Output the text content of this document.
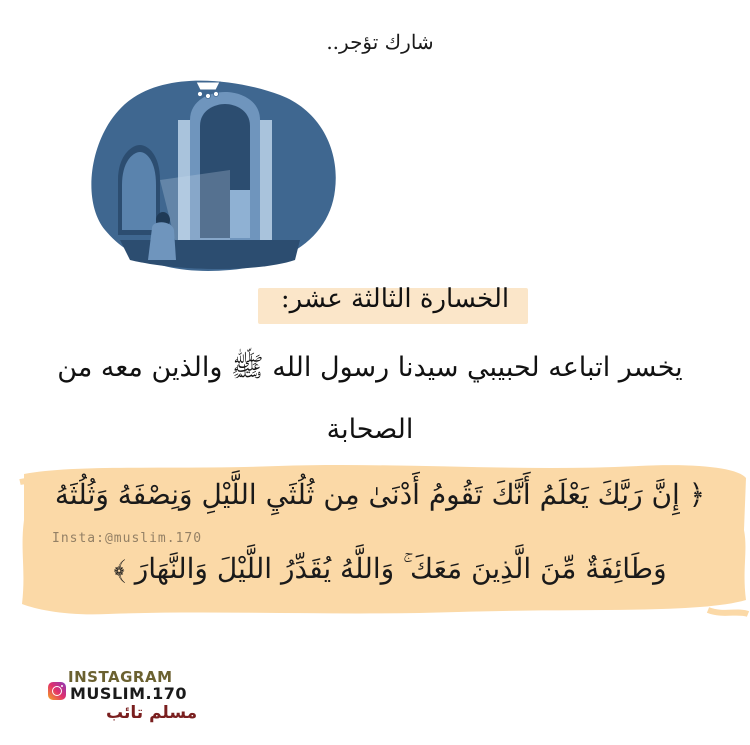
شارك تؤجر..
الخسارة الثالثة عشر:
يخسر اتباعه لحبيبي سيدنا رسول الله ﷺ والذين معه من
الصحابة
﴿ إِنَّ رَبَّكَ يَعْلَمُ أَنَّكَ تَقُومُ أَدْنَىٰ مِن ثُلُثَيِ اللَّيْلِ وَنِصْفَهُ وَثُلُثَهُ
Insta:@muslim.170
وَطَائِفَةٌ مِّنَ الَّذِينَ مَعَكَ ۚ وَاللَّهُ يُقَدِّرُ اللَّيْلَ وَالنَّهَارَ ﴾
INSTAGRAM
MUSLIM.170
مسلم تائب
